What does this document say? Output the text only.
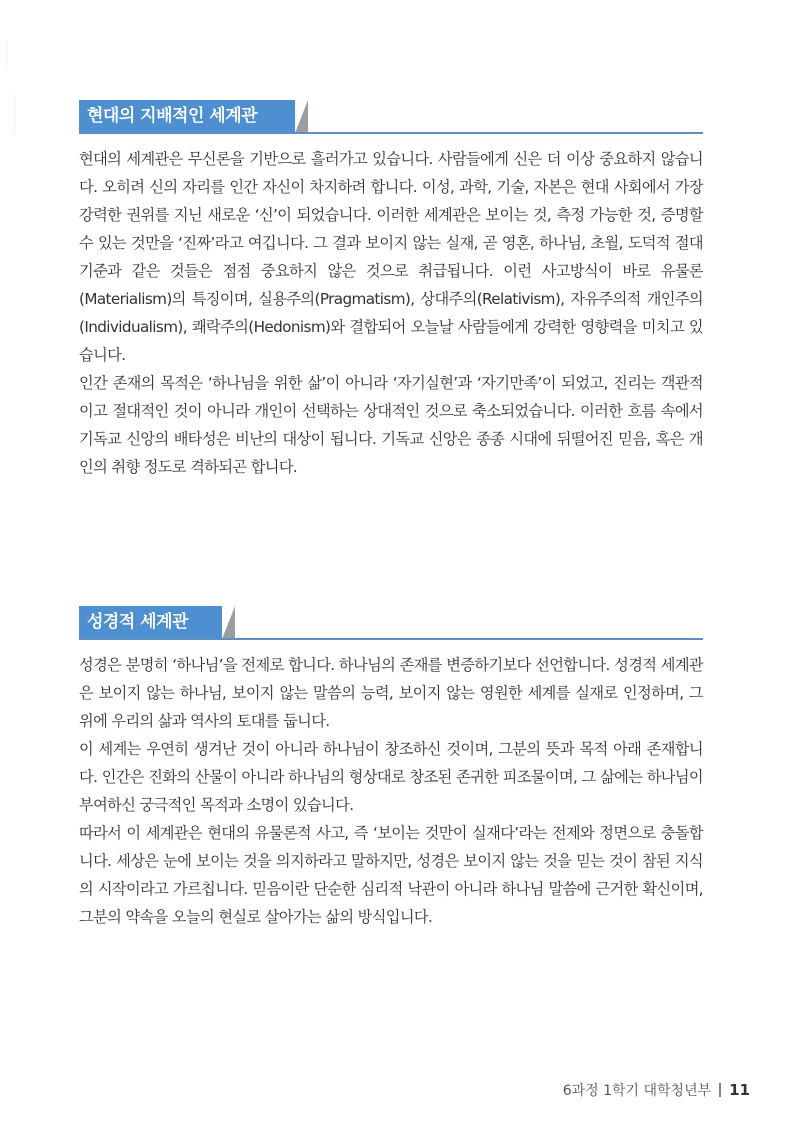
현대의 지배적인 세계관

현대의 세계관은 무신론을 기반으로 흘러가고 있습니다. 사람들에게 신은 더 이상 중요하지 않습니다. 오히려 신의 자리를 인간 자신이 차지하려 합니다. 이성, 과학, 기술, 자본은 현대 사회에서 가장 강력한 권위를 지닌 새로운 ‘신’이 되었습니다. 이러한 세계관은 보이는 것, 측정 가능한 것, 증명할 수 있는 것만을 ‘진짜’라고 여깁니다. 그 결과 보이지 않는 실재, 곧 영혼, 하나님, 초월, 도덕적 절대 기준과 같은 것들은 점점 중요하지 않은 것으로 취급됩니다. 이런 사고방식이 바로 유물론(Materialism)의 특징이며, 실용주의(Pragmatism), 상대주의(Relativism), 자유주의적 개인주의(Individualism), 쾌락주의(Hedonism)와 결합되어 오늘날 사람들에게 강력한 영향력을 미치고 있습니다.

인간 존재의 목적은 ‘하나님을 위한 삶’이 아니라 ‘자기실현’과 ‘자기만족’이 되었고, 진리는 객관적이고 절대적인 것이 아니라 개인이 선택하는 상대적인 것으로 축소되었습니다. 이러한 흐름 속에서 기독교 신앙의 배타성은 비난의 대상이 됩니다. 기독교 신앙은 종종 시대에 뒤떨어진 믿음, 혹은 개인의 취향 정도로 격하되곤 합니다.

성경적 세계관

성경은 분명히 ‘하나님’을 전제로 합니다. 하나님의 존재를 변증하기보다 선언합니다. 성경적 세계관은 보이지 않는 하나님, 보이지 않는 말씀의 능력, 보이지 않는 영원한 세계를 실재로 인정하며, 그 위에 우리의 삶과 역사의 토대를 둡니다.

이 세계는 우연히 생겨난 것이 아니라 하나님이 창조하신 것이며, 그분의 뜻과 목적 아래 존재합니다. 인간은 진화의 산물이 아니라 하나님의 형상대로 창조된 존귀한 피조물이며, 그 삶에는 하나님이 부여하신 궁극적인 목적과 소명이 있습니다.

따라서 이 세계관은 현대의 유물론적 사고, 즉 ‘보이는 것만이 실재다’라는 전제와 정면으로 충돌합니다. 세상은 눈에 보이는 것을 의지하라고 말하지만, 성경은 보이지 않는 것을 믿는 것이 참된 지식의 시작이라고 가르칩니다. 믿음이란 단순한 심리적 낙관이 아니라 하나님 말씀에 근거한 확신이며, 그분의 약속을 오늘의 현실로 살아가는 삶의 방식입니다.

6과정 1학기 대학청년부 11
